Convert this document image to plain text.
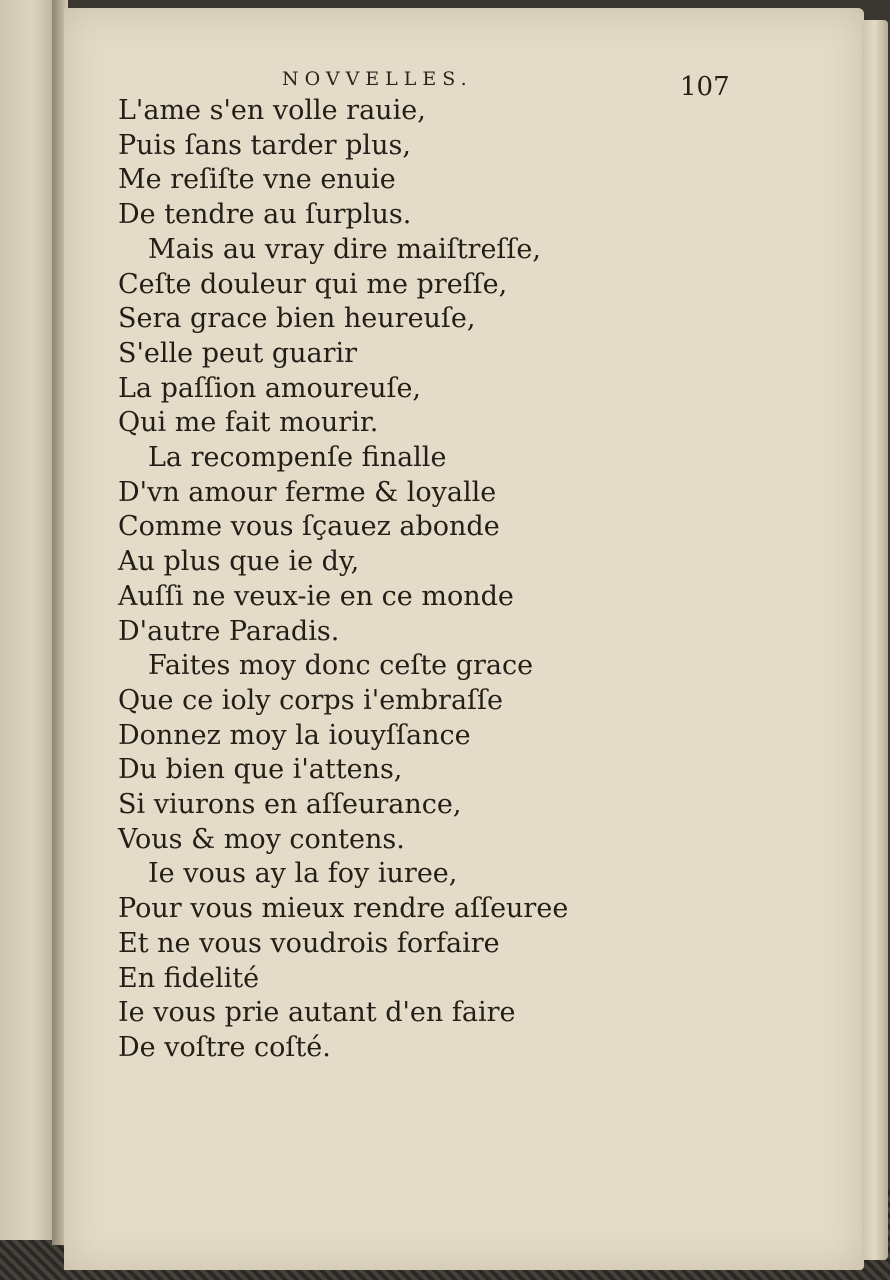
NOVVELLES.	107
L'ame s'en volle rauie,
Puis ſans tarder plus,
Me reſiſte vne enuie
De tendre au ſurplus.
Mais au vray dire maiſtreſſe,
Ceſte douleur qui me preſſe,
Sera grace bien heureuſe,
S'elle peut guarir
La paſſion amoureuſe,
Qui me fait mourir.
La recompenſe finalle
D'vn amour ferme & loyalle
Comme vous ſçauez abonde
Au plus que ie dy,
Auſſi ne veux-ie en ce monde
D'autre Paradis.
Faites moy donc ceſte grace
Que ce ioly corps i'embraſſe
Donnez moy la iouyſſance
Du bien que i'attens,
Si viurons en aſſeurance,
Vous & moy contens.
Ie vous ay la foy iuree,
Pour vous mieux rendre aſſeuree
Et ne vous voudrois forfaire
En fidelité
Ie vous prie autant d'en faire
De voſtre coſté.
